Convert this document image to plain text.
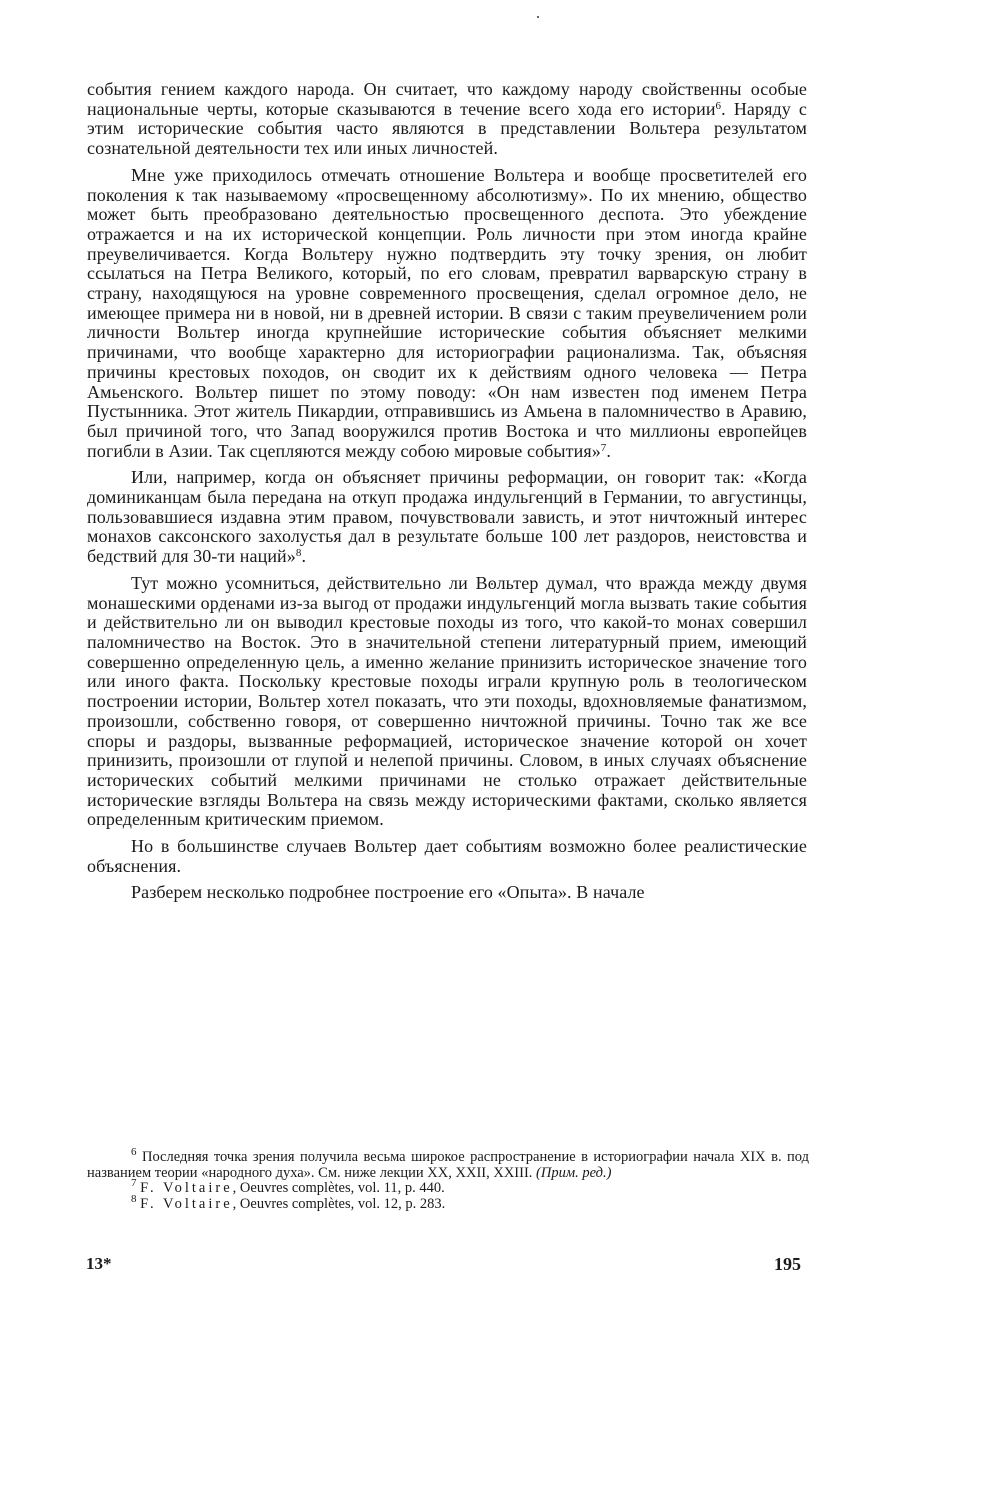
события гением каждого народа. Он считает, что каждому народу свойственны особые национальные черты, которые сказываются в течение всего хода его истории$^6$. Наряду с этим исторические события часто являются в представлении Вольтера результатом сознательной деятельности тех или иных личностей.

Мне уже приходилось отмечать отношение Вольтера и вообще просветителей его поколения к так называемому «просвещенному абсолютизму». По их мнению, общество может быть преобразовано деятельностью просвещенного деспота. Это убеждение отражается и на их исторической концепции. Роль личности при этом иногда крайне преувеличивается. Когда Вольтеру нужно подтвердить эту точку зрения, он любит ссылаться на Петра Великого, который, по его словам, превратил варварскую страну в страну, находящуюся на уровне современного просвещения, сделал огромное дело, не имеющее примера ни в новой, ни в древней истории. В связи с таким преувеличением роли личности Вольтер иногда крупнейшие исторические события объясняет мелкими причинами, что вообще характерно для историографии рационализма. Так, объясняя причины крестовых походов, он сводит их к действиям одного человека — Петра Амьенского. Вольтер пишет по этому поводу: «Он нам известен под именем Петра Пустынника. Этот житель Пикардии, отправившись из Амьена в паломничество в Аравию, был причиной того, что Запад вооружился против Востока и что миллионы европейцев погибли в Азии. Так сцепляются между собою мировые события»$^7$.

Или, например, когда он объясняет причины реформации, он говорит так: «Когда доминиканцам была передана на откуп продажа индульгенций в Германии, то августинцы, пользовавшиеся издавна этим правом, почувствовали зависть, и этот ничтожный интерес монахов саксонского захолустья дал в результате больше 100 лет раздоров, неистовства и бедствий для 30-ти наций»$^8$.

Тут можно усомниться, действительно ли Вольтер думал, что вражда между двумя монашескими орденами из-за выгод от продажи индульгенций могла вызвать такие события и действительно ли он выводил крестовые походы из того, что какой-то монах совершил паломничество на Восток. Это в значительной степени литературный прием, имеющий совершенно определенную цель, а именно желание принизить историческое значение того или иного факта. Поскольку крестовые походы играли крупную роль в теологическом построении истории, Вольтер хотел показать, что эти походы, вдохновляемые фанатизмом, произошли, собственно говоря, от совершенно ничтожной причины. Точно так же все споры и раздоры, вызванные реформацией, историческое значение которой он хочет принизить, произошли от глупой и нелепой причины. Словом, в иных случаях объяснение исторических событий мелкими причинами не столько отражает действительные исторические взгляды Вольтера на связь между историческими фактами, сколько является определенным критическим приемом.

Но в большинстве случаев Вольтер дает событиям возможно более реалистические объяснения.

Разберем несколько подробнее построение его «Опыта». В начале

$^6$ Последняя точка зрения получила весьма широкое распространение в историографии начала XIX в. под названием теории «народного духа». См. ниже лекции XX, XXII, XXIII. (Прим. ред.)

$^7$ F. Voltaire, Oeuvres complètes, vol. 11, p. 440.

$^8$ F. Voltaire, Oeuvres complètes, vol. 12, p. 283.

13*	195
